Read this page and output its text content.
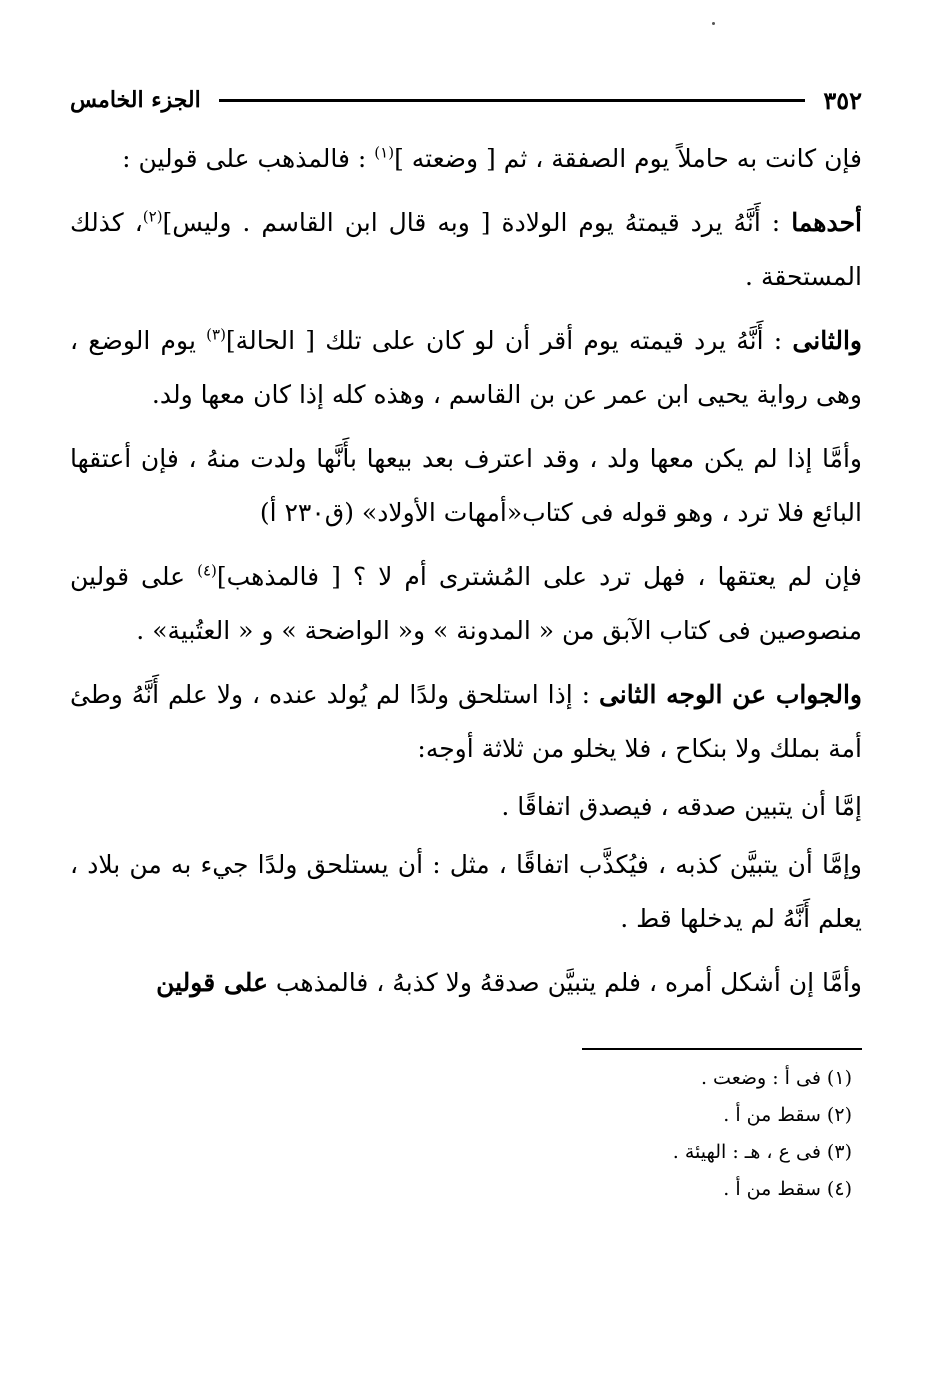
٣٥٢
الجزء الخامس

فإن كانت به حاملاً يوم الصفقة ، ثم [ وضعته ]$^{(١)}$ : فالمذهب على قولين :

أحدهما : أَنَّهُ يرد قيمتهُ يوم الولادة [ وبه قال ابن القاسم . وليس]$^{(٢)}$، كذلك المستحقة .

والثانى : أَنَّهُ يرد قيمته يوم أقر أن لو كان على تلك [ الحالة]$^{(٣)}$ يوم الوضع ، وهى رواية يحيى ابن عمر عن بن القاسم ، وهذه كله إذا كان معها ولد.

وأمَّا إذا لم يكن معها ولد ، وقد اعترف بعد بيعها بأَنَّها ولدت منهُ ، فإن أعتقها البائع فلا ترد ، وهو قوله فى كتاب«أمهات الأولاد» (ق٢٣٠ أ)

فإن لم يعتقها ، فهل ترد على المُشترى أم لا ؟ [ فالمذهب]$^{(٤)}$ على قولين منصوصين فى كتاب الآبق من « المدونة » و« الواضحة » و « العتُبية» .

والجواب عن الوجه الثانى : إذا استلحق ولدًا لم يُولد عنده ، ولا علم أَنَّهُ وطئ أمة بملك ولا بنكاح ، فلا يخلو من ثلاثة أوجه:

إمَّا أن يتبين صدقه ، فيصدق اتفاقًا .

وإمَّا أن يتبيَّن كذبه ، فيُكذَّب اتفاقًا ، مثل : أن يستلحق ولدًا جيء به من بلاد ، يعلم أَنَّهُ لم يدخلها قط .

وأمَّا إن أشكل أمره ، فلم يتبيَّن صدقهُ ولا كذبهُ ، فالمذهب على قولين

(١) فى أ : وضعت .
(٢) سقط من أ .
(٣) فى ع ، هـ : الهيئة .
(٤) سقط من أ .
